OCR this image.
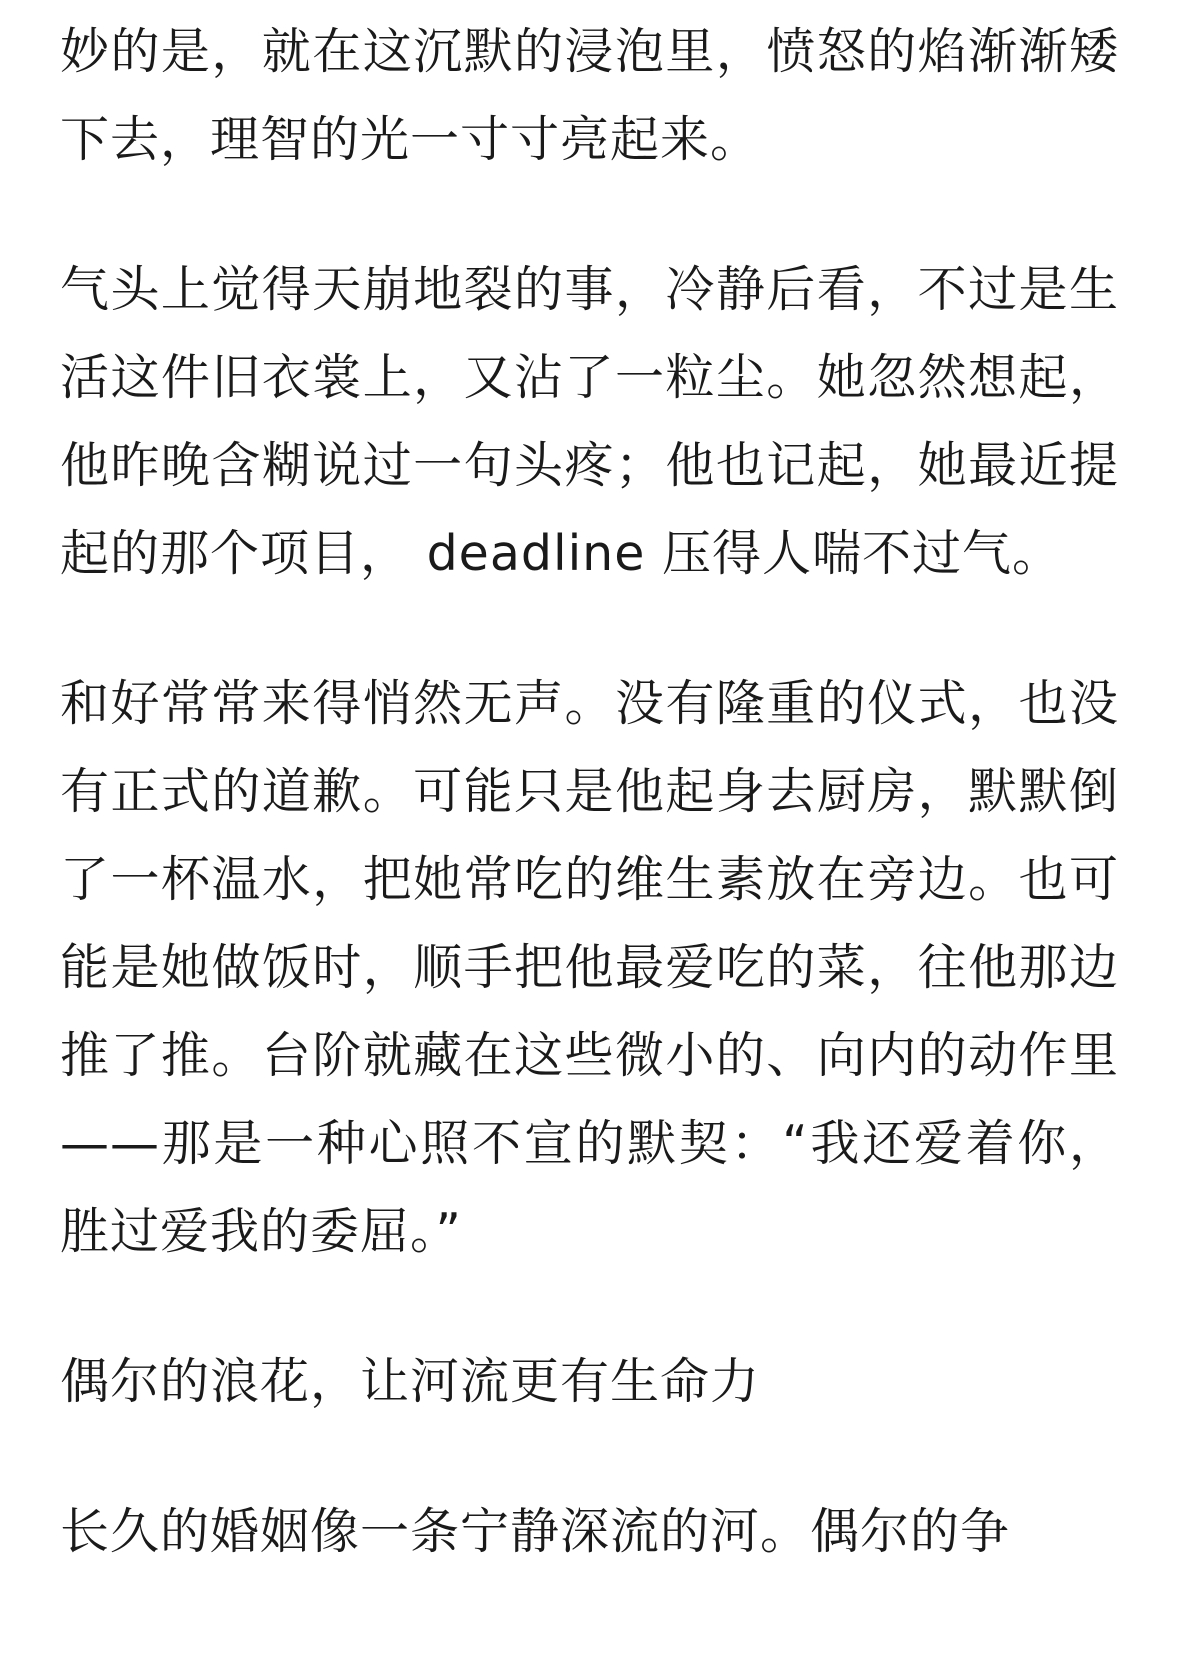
妙的是，就在这沉默的浸泡里，愤怒的焰渐渐矮下去，理智的光一寸寸亮起来。

气头上觉得天崩地裂的事，冷静后看，不过是生活这件旧衣裳上，又沾了一粒尘。她忽然想起，他昨晚含糊说过一句头疼；他也记起，她最近提起的那个项目， deadline 压得人喘不过气。

和好常常来得悄然无声。没有隆重的仪式，也没有正式的道歉。可能只是他起身去厨房，默默倒了一杯温水，把她常吃的维生素放在旁边。也可能是她做饭时，顺手把他最爱吃的菜，往他那边推了推。台阶就藏在这些微小的、向内的动作里——那是一种心照不宣的默契：“我还爱着你，胜过爱我的委屈。”

偶尔的浪花，让河流更有生命力

长久的婚姻像一条宁静深流的河。偶尔的争
